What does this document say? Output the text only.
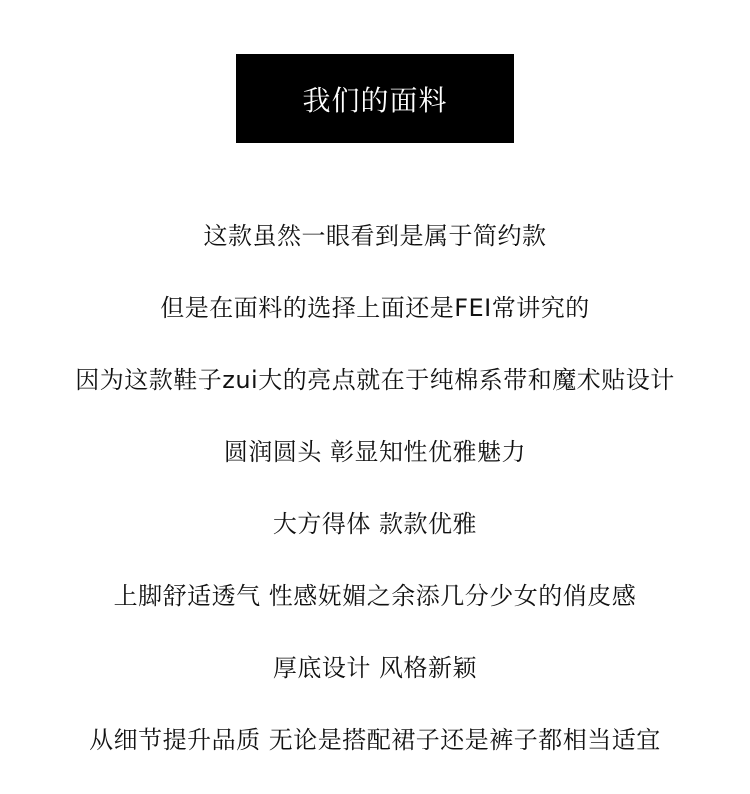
我们的面料
这款虽然一眼看到是属于简约款
但是在面料的选择上面还是FEI常讲究的
因为这款鞋子zui大的亮点就在于纯棉系带和魔术贴设计
圆润圆头 彰显知性优雅魅力
大方得体 款款优雅
上脚舒适透气 性感妩媚之余添几分少女的俏皮感
厚底设计 风格新颖
从细节提升品质 无论是搭配裙子还是裤子都相当适宜
